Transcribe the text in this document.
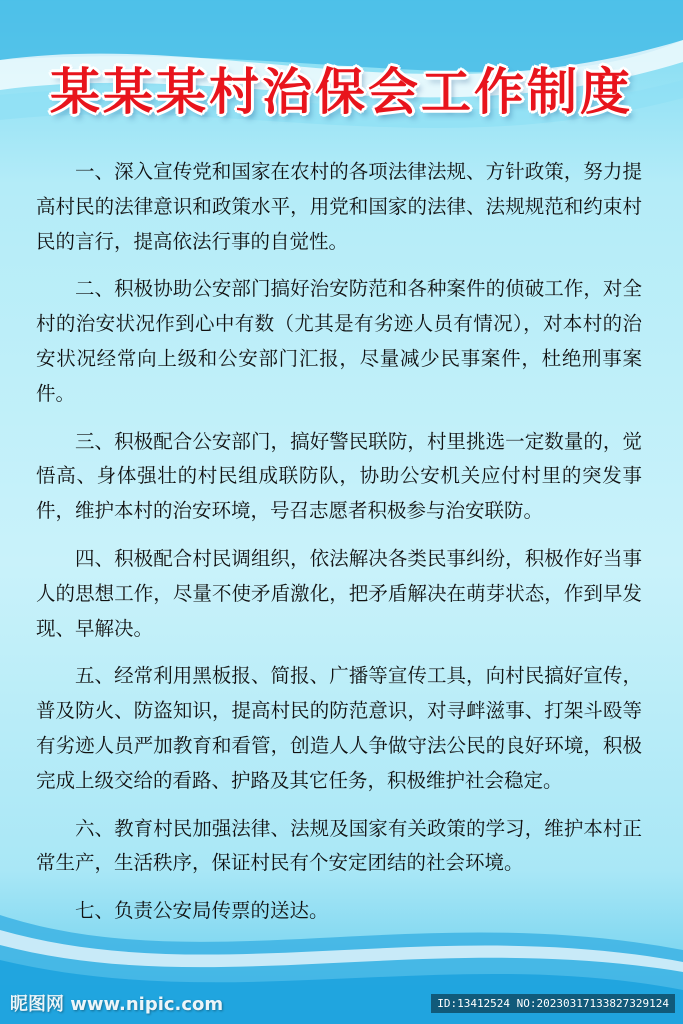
某某某村治保会工作制度

一、深入宣传党和国家在农村的各项法律法规、方针政策，努力提高村民的法律意识和政策水平，用党和国家的法律、法规规范和约束村民的言行，提高依法行事的自觉性。

二、积极协助公安部门搞好治安防范和各种案件的侦破工作，对全村的治安状况作到心中有数（尤其是有劣迹人员有情况），对本村的治安状况经常向上级和公安部门汇报，尽量减少民事案件，杜绝刑事案件。

三、积极配合公安部门，搞好警民联防，村里挑选一定数量的，觉悟高、身体强壮的村民组成联防队，协助公安机关应付村里的突发事件，维护本村的治安环境，号召志愿者积极参与治安联防。

四、积极配合村民调组织，依法解决各类民事纠纷，积极作好当事人的思想工作，尽量不使矛盾激化，把矛盾解决在萌芽状态，作到早发现、早解决。

五、经常利用黑板报、简报、广播等宣传工具，向村民搞好宣传，普及防火、防盗知识，提高村民的防范意识，对寻衅滋事、打架斗殴等有劣迹人员严加教育和看管，创造人人争做守法公民的良好环境，积极完成上级交给的看路、护路及其它任务，积极维护社会稳定。

六、教育村民加强法律、法规及国家有关政策的学习，维护本村正常生产，生活秩序，保证村民有个安定团结的社会环境。

七、负责公安局传票的送达。

昵图网 www.nipic.com	ID:13412524 NO:20230317133827329124
